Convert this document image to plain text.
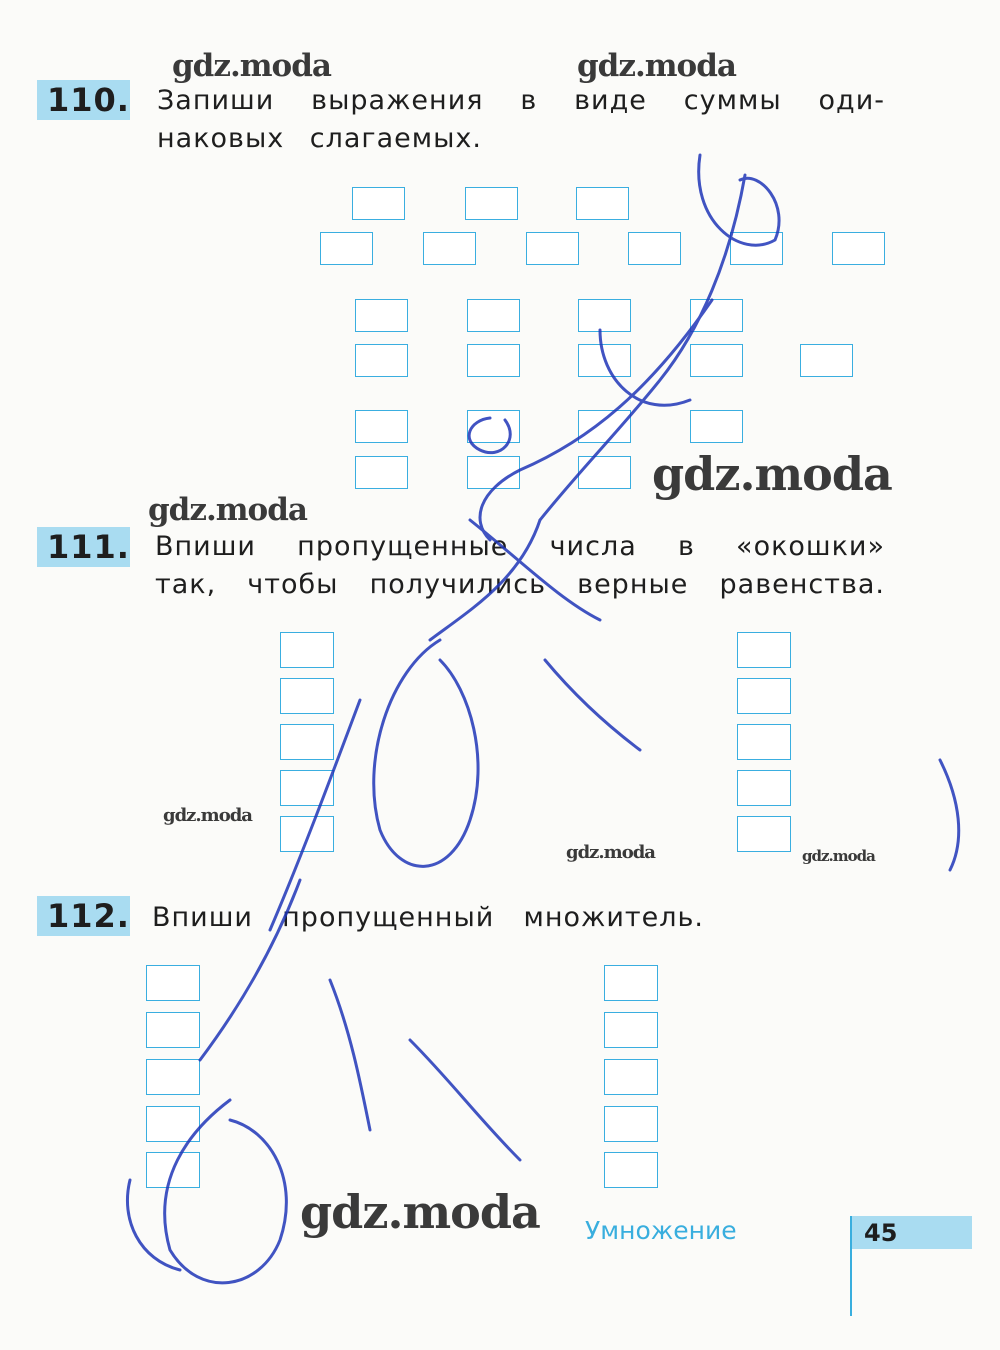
gdz.moda	gdz.moda
gdz.moda
gdz.moda
gdz.moda
gdz.moda	gdz.moda
gdz.moda
110. Запиши выражения в виде суммы оди-
наковых слагаемых.
111. Впиши пропущенные числа в «окошки»
так, чтобы получились верные равенства.
112. Впиши пропущенный множитель.
Умножение	45
